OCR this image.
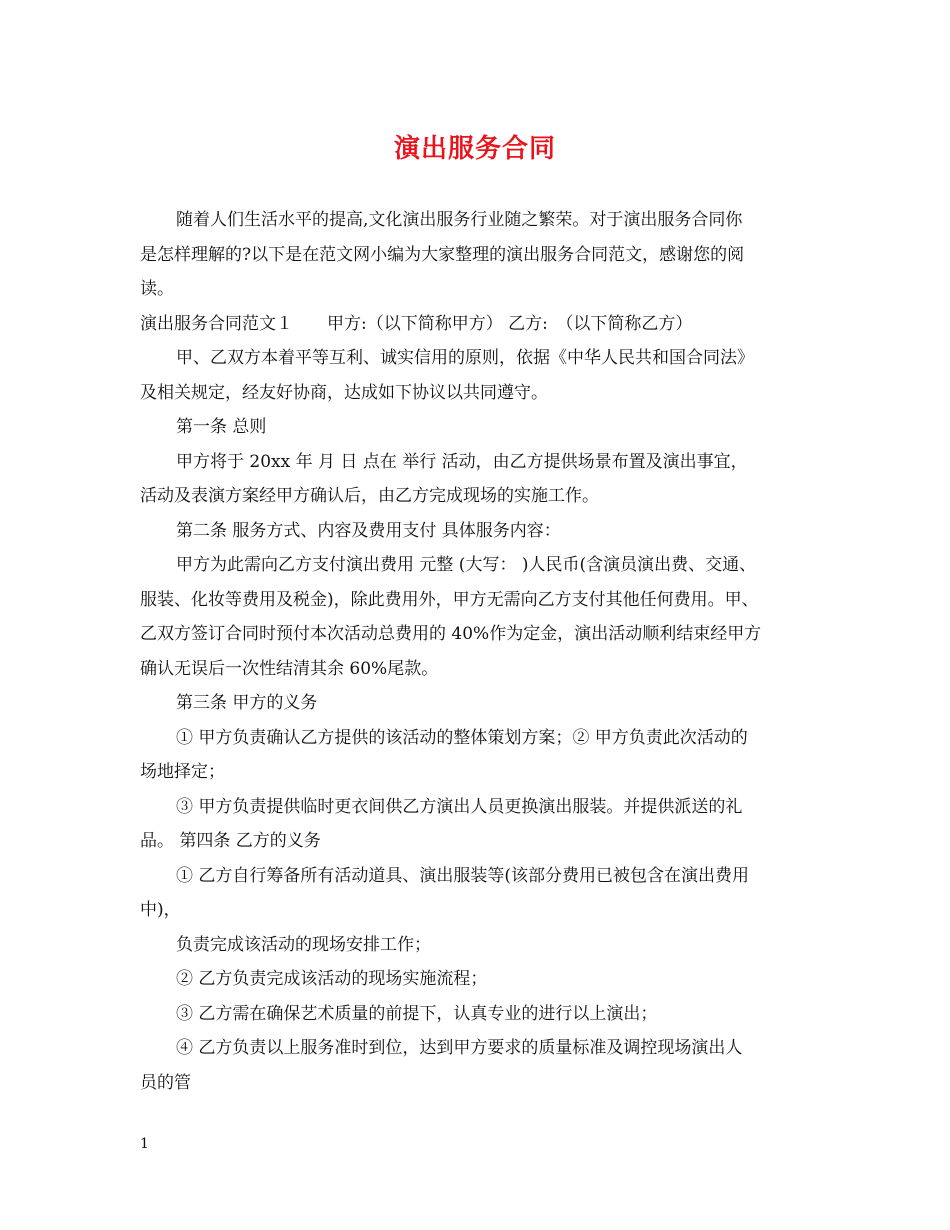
演出服务合同
随着人们生活水平的提高,文化演出服务行业随之繁荣。对于演出服务合同你
是怎样理解的?以下是在范文网小编为大家整理的演出服务合同范文，感谢您的阅
读。
演出服务合同范文１　　甲方:（以下简称甲方） 乙方:　（以下简称乙方）
甲、乙双方本着平等互利、诚实信用的原则，依据《中华人民共和国合同法》
及相关规定，经友好协商，达成如下协议以共同遵守。
第一条 总则
甲方将于 20xx 年 月 日 点在 举行 活动，由乙方提供场景布置及演出事宜，
活动及表演方案经甲方确认后，由乙方完成现场的实施工作。
第二条 服务方式、内容及费用支付 具体服务内容：
甲方为此需向乙方支付演出费用 元整 (大写： )人民币(含演员演出费、交通、
服装、化妆等费用及税金)，除此费用外，甲方无需向乙方支付其他任何费用。甲、
乙双方签订合同时预付本次活动总费用的 40%作为定金，演出活动顺利结束经甲方
确认无误后一次性结清其余 60%尾款。
第三条 甲方的义务
① 甲方负责确认乙方提供的该活动的整体策划方案；② 甲方负责此次活动的
场地择定；
③ 甲方负责提供临时更衣间供乙方演出人员更换演出服装。并提供派送的礼
品。 第四条 乙方的义务
① 乙方自行筹备所有活动道具、演出服装等(该部分费用已被包含在演出费用
中)，
负责完成该活动的现场安排工作；
② 乙方负责完成该活动的现场实施流程；
③ 乙方需在确保艺术质量的前提下，认真专业的进行以上演出；
④ 乙方负责以上服务准时到位，达到甲方要求的质量标准及调控现场演出人
员的管
1
